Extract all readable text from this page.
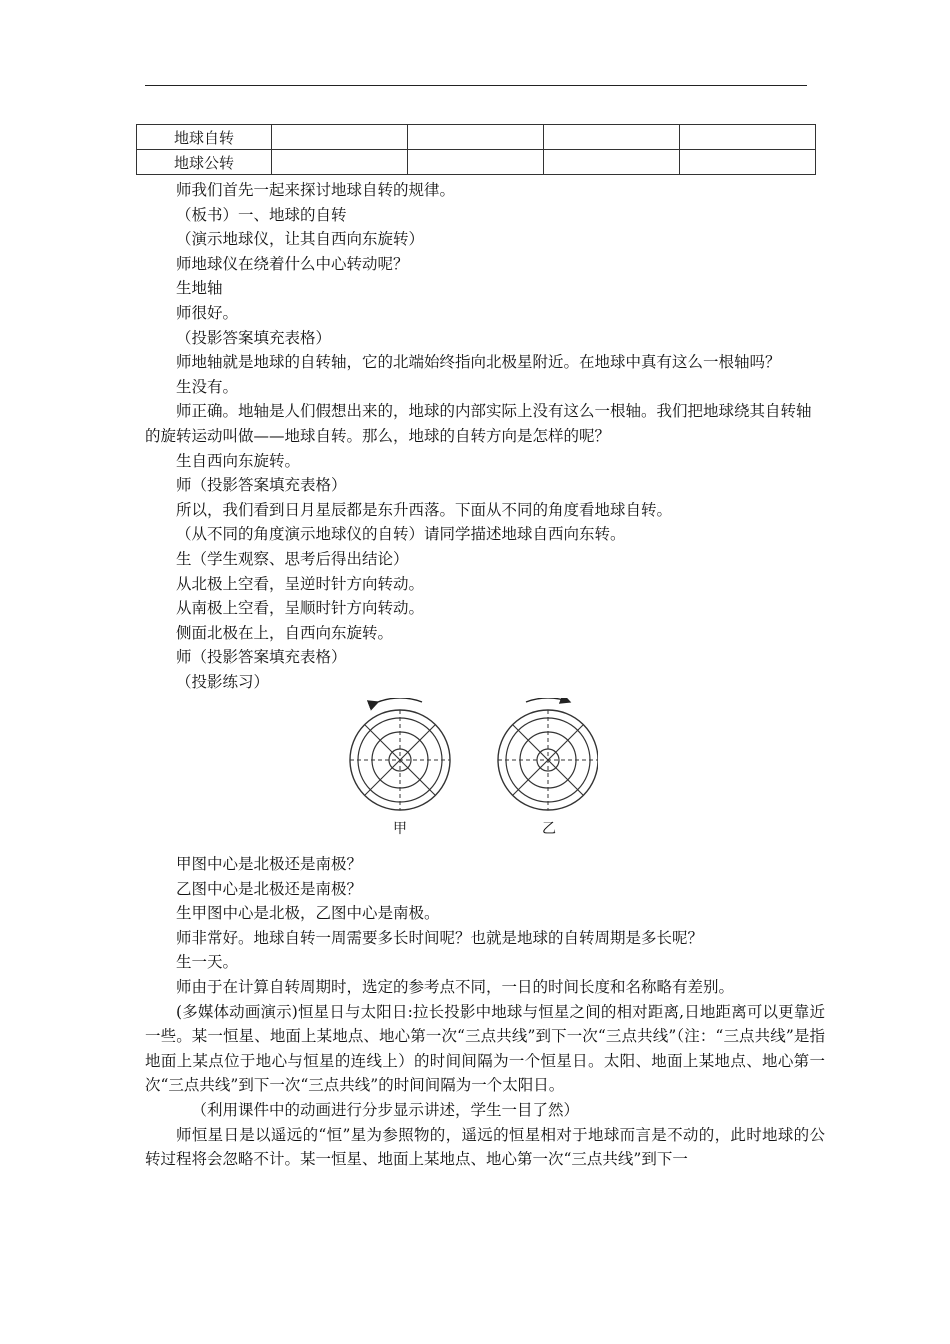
地球自转				
地球公转				

师我们首先一起来探讨地球自转的规律。

（板书）一、地球的自转

（演示地球仪，让其自西向东旋转）

师地球仪在绕着什么中心转动呢？

生地轴

师很好。

（投影答案填充表格）

师地轴就是地球的自转轴，它的北端始终指向北极星附近。在地球中真有这么一根轴吗？

生没有。

师正确。地轴是人们假想出来的，地球的内部实际上没有这么一根轴。我们把地球绕其自转轴的旋转运动叫做——地球自转。那么，地球的自转方向是怎样的呢？

生自西向东旋转。

师（投影答案填充表格）

所以，我们看到日月星辰都是东升西落。下面从不同的角度看地球自转。

（从不同的角度演示地球仪的自转）请同学描述地球自西向东转。

生（学生观察、思考后得出结论）

从北极上空看，呈逆时针方向转动。

从南极上空看，呈顺时针方向转动。

侧面北极在上，自西向东旋转。

师（投影答案填充表格）

（投影练习）

甲	乙

甲图中心是北极还是南极？

乙图中心是北极还是南极？

生甲图中心是北极，乙图中心是南极。

师非常好。地球自转一周需要多长时间呢？也就是地球的自转周期是多长呢？

生一天。

师由于在计算自转周期时，选定的参考点不同，一日的时间长度和名称略有差别。

(多媒体动画演示)恒星日与太阳日:拉长投影中地球与恒星之间的相对距离,日地距离可以更靠近一些。某一恒星、地面上某地点、地心第一次“三点共线”到下一次“三点共线”（注：“三点共线”是指地面上某点位于地心与恒星的连线上）的时间间隔为一个恒星日。太阳、地面上某地点、地心第一次“三点共线”到下一次“三点共线”的时间间隔为一个太阳日。

（利用课件中的动画进行分步显示讲述，学生一目了然）

师恒星日是以遥远的“恒”星为参照物的，遥远的恒星相对于地球而言是不动的，此时地球的公转过程将会忽略不计。某一恒星、地面上某地点、地心第一次“三点共线”到下一
